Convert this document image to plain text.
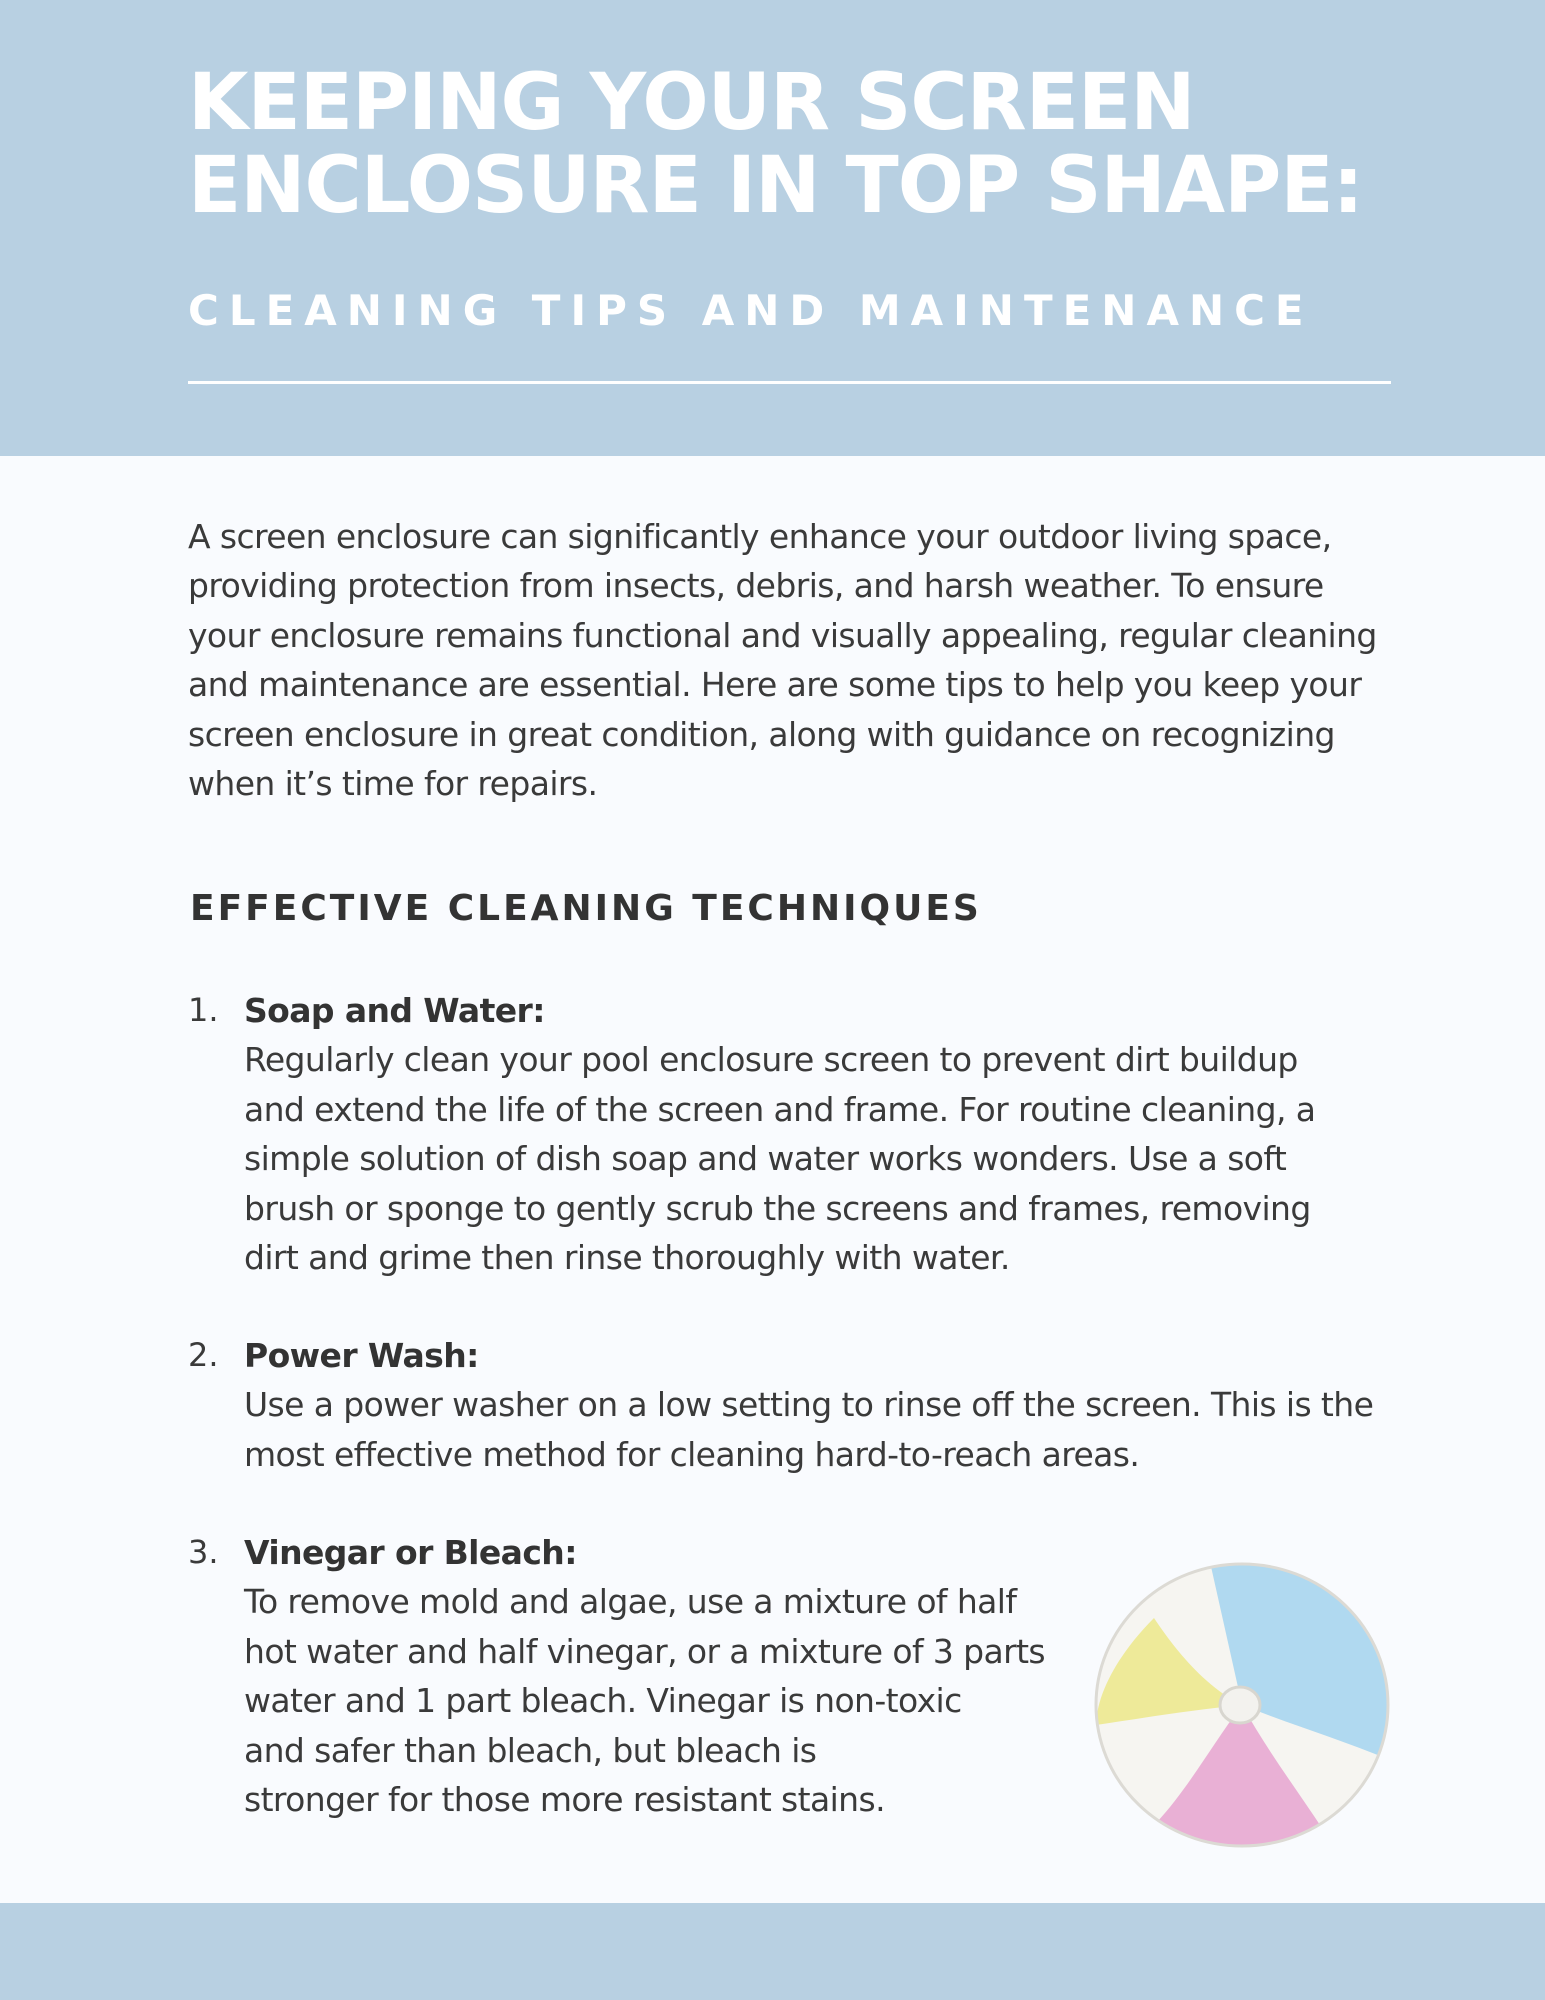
KEEPING YOUR SCREEN
ENCLOSURE IN TOP SHAPE:
CLEANING TIPS AND MAINTENANCE

A screen enclosure can significantly enhance your outdoor living space,
providing protection from insects, debris, and harsh weather. To ensure
your enclosure remains functional and visually appealing, regular cleaning
and maintenance are essential. Here are some tips to help you keep your
screen enclosure in great condition, along with guidance on recognizing
when it’s time for repairs.

EFFECTIVE CLEANING TECHNIQUES
1. Soap and Water:

Regularly clean your pool enclosure screen to prevent dirt buildup
and extend the life of the screen and frame. For routine cleaning, a
simple solution of dish soap and water works wonders. Use a soft
brush or sponge to gently scrub the screens and frames, removing
dirt and grime then rinse thoroughly with water.

2. Power Wash:

Use a power washer on a low setting to rinse off the screen. This is the
most effective method for cleaning hard-to-reach areas.

3. Vinegar or Bleach:

To remove mold and algae, use a mixture of half
hot water and half vinegar, or a mixture of 3 parts
water and 1 part bleach. Vinegar is non-toxic
and safer than bleach, but bleach is
stronger for those more resistant stains.
